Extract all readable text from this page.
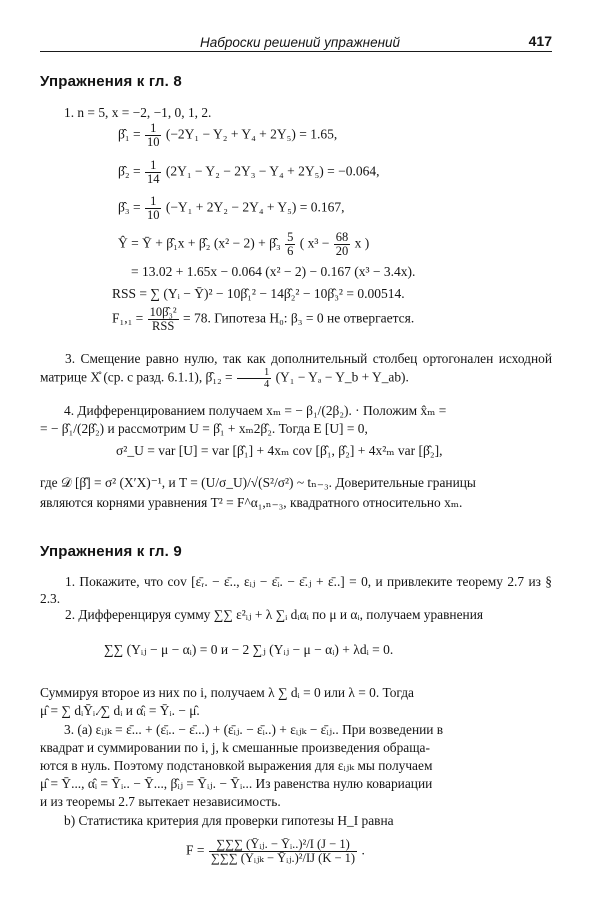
Наброски решений упражнений	417
Упражнения к гл. 8
1. n = 5, x = −2, −1, 0, 1, 2.
β̂₁ = $\frac{1}{10} (-2Y_1 - Y_2 + Y_4 + 2Y_5) = 1.65$,
β̂₂ = $\frac{1}{14} (2Y_1 - Y_2 - 2Y_3 - Y_4 + 2Y_5) = -0.064$,
β̂₃ = $\frac{1}{10} (-Y_1 + 2Y_2 - 2Y_4 + Y_5) = 0.167$,
Ŷ = Ȳ + β̂₁x + β̂₂ (x² − 2) + β̂₃ $\frac{5}{6}$ ( $x^3 - \frac{68}{20}$ x )
= 13.02 + 1.65x − 0.064 (x² − 2) − 0.167 (x³ − 3.4x).
RSS = ∑ (Yᵢ − Ȳ)² − 10β̂₁² − 14β̂₂² − 10β̂₃² = 0.00514.
$F_1,_1 = \frac{\text{10β̂₃²}}{\text{RSS}} = 78$. Гипотеза H₀: β₃ = 0 не отвергается.
3. Смещение равно нулю, так как дополнительный столбец ортогонален исходной матрице X̊ (ср. с разд. 6.1.1), β̂₁₂ = $\frac{1}{4} (Y_1 - Y_a$ − Y_b + Y_ab).
4. Дифференцированием получаем xₘ = − β₁/(2β₂). · Положим x̂ₘ =
= − β̂₁/(2β̂₂) и рассмотрим U = β̂₁ + xₘ2β̂₂. Тогда E [U] = 0,
σ²_U = var [U] = var [β̂₁] + 4xₘ cov [β̂₁, β̂₂] + 4x²ₘ var [β̂₂],
где 𝒟 [β̂] = σ² (X′X)⁻¹, и T = (U/σ_U)/√(S²/σ²) ~ tₙ₋₃. Доверительные границы
являются корнями уравнения T² = F^α₁,ₙ₋₃, квадратного относительно xₘ.
Упражнения к гл. 9
1. Покажите, что cov [ε̄ᵣ. − ε̄.., εᵢⱼ − ε̄ᵢ. − ε̄.ⱼ + ε̄..] = 0, и привлеките теорему 2.7 из § 2.3.
2. Дифференцируя сумму ∑∑ ε²ᵢⱼ + λ ∑ᵢ dᵢαᵢ по μ и αᵢ, получаем уравнения
∑∑ (Yᵢⱼ − μ − αᵢ) = 0 и − 2 ∑ⱼ (Yᵢⱼ − μ − αᵢ) + λdᵢ = 0.
Суммируя второе из них по i, получаем λ ∑ dᵢ = 0 или λ = 0. Тогда
μ̂ = ∑ dᵢȲᵢ.∕∑ dᵢ и α̂ᵢ = Ȳᵢ. − μ̂.
3. (a) εᵢⱼₖ = ε̄... + (ε̄ᵢ.. − ε̄...) + (ε̄ᵢⱼ. − ε̄ᵢ..) + εᵢⱼₖ − ε̄ᵢⱼ.. При возведении в
квадрат и суммировании по i, j, k смешанные произведения обраща-
ются в нуль. Поэтому подстановкой выражения для εᵢⱼₖ мы получаем
μ̂ = Ȳ..., α̂ᵢ = Ȳᵢ.. − Ȳ..., β̂ᵢⱼ = Ȳᵢⱼ. − Ȳᵢ... Из равенства нулю ковариации
и из теоремы 2.7 вытекает независимость.
b) Статистика критерия для проверки гипотезы H_I равна
$F = \frac{\text{∑∑∑ (Ȳᵢⱼ. − Ȳᵢ..)²/I (J − 1)}}{\text{∑∑∑ (Yᵢⱼₖ − Ȳᵢⱼ.)²/IJ (K − 1)}}$ .
